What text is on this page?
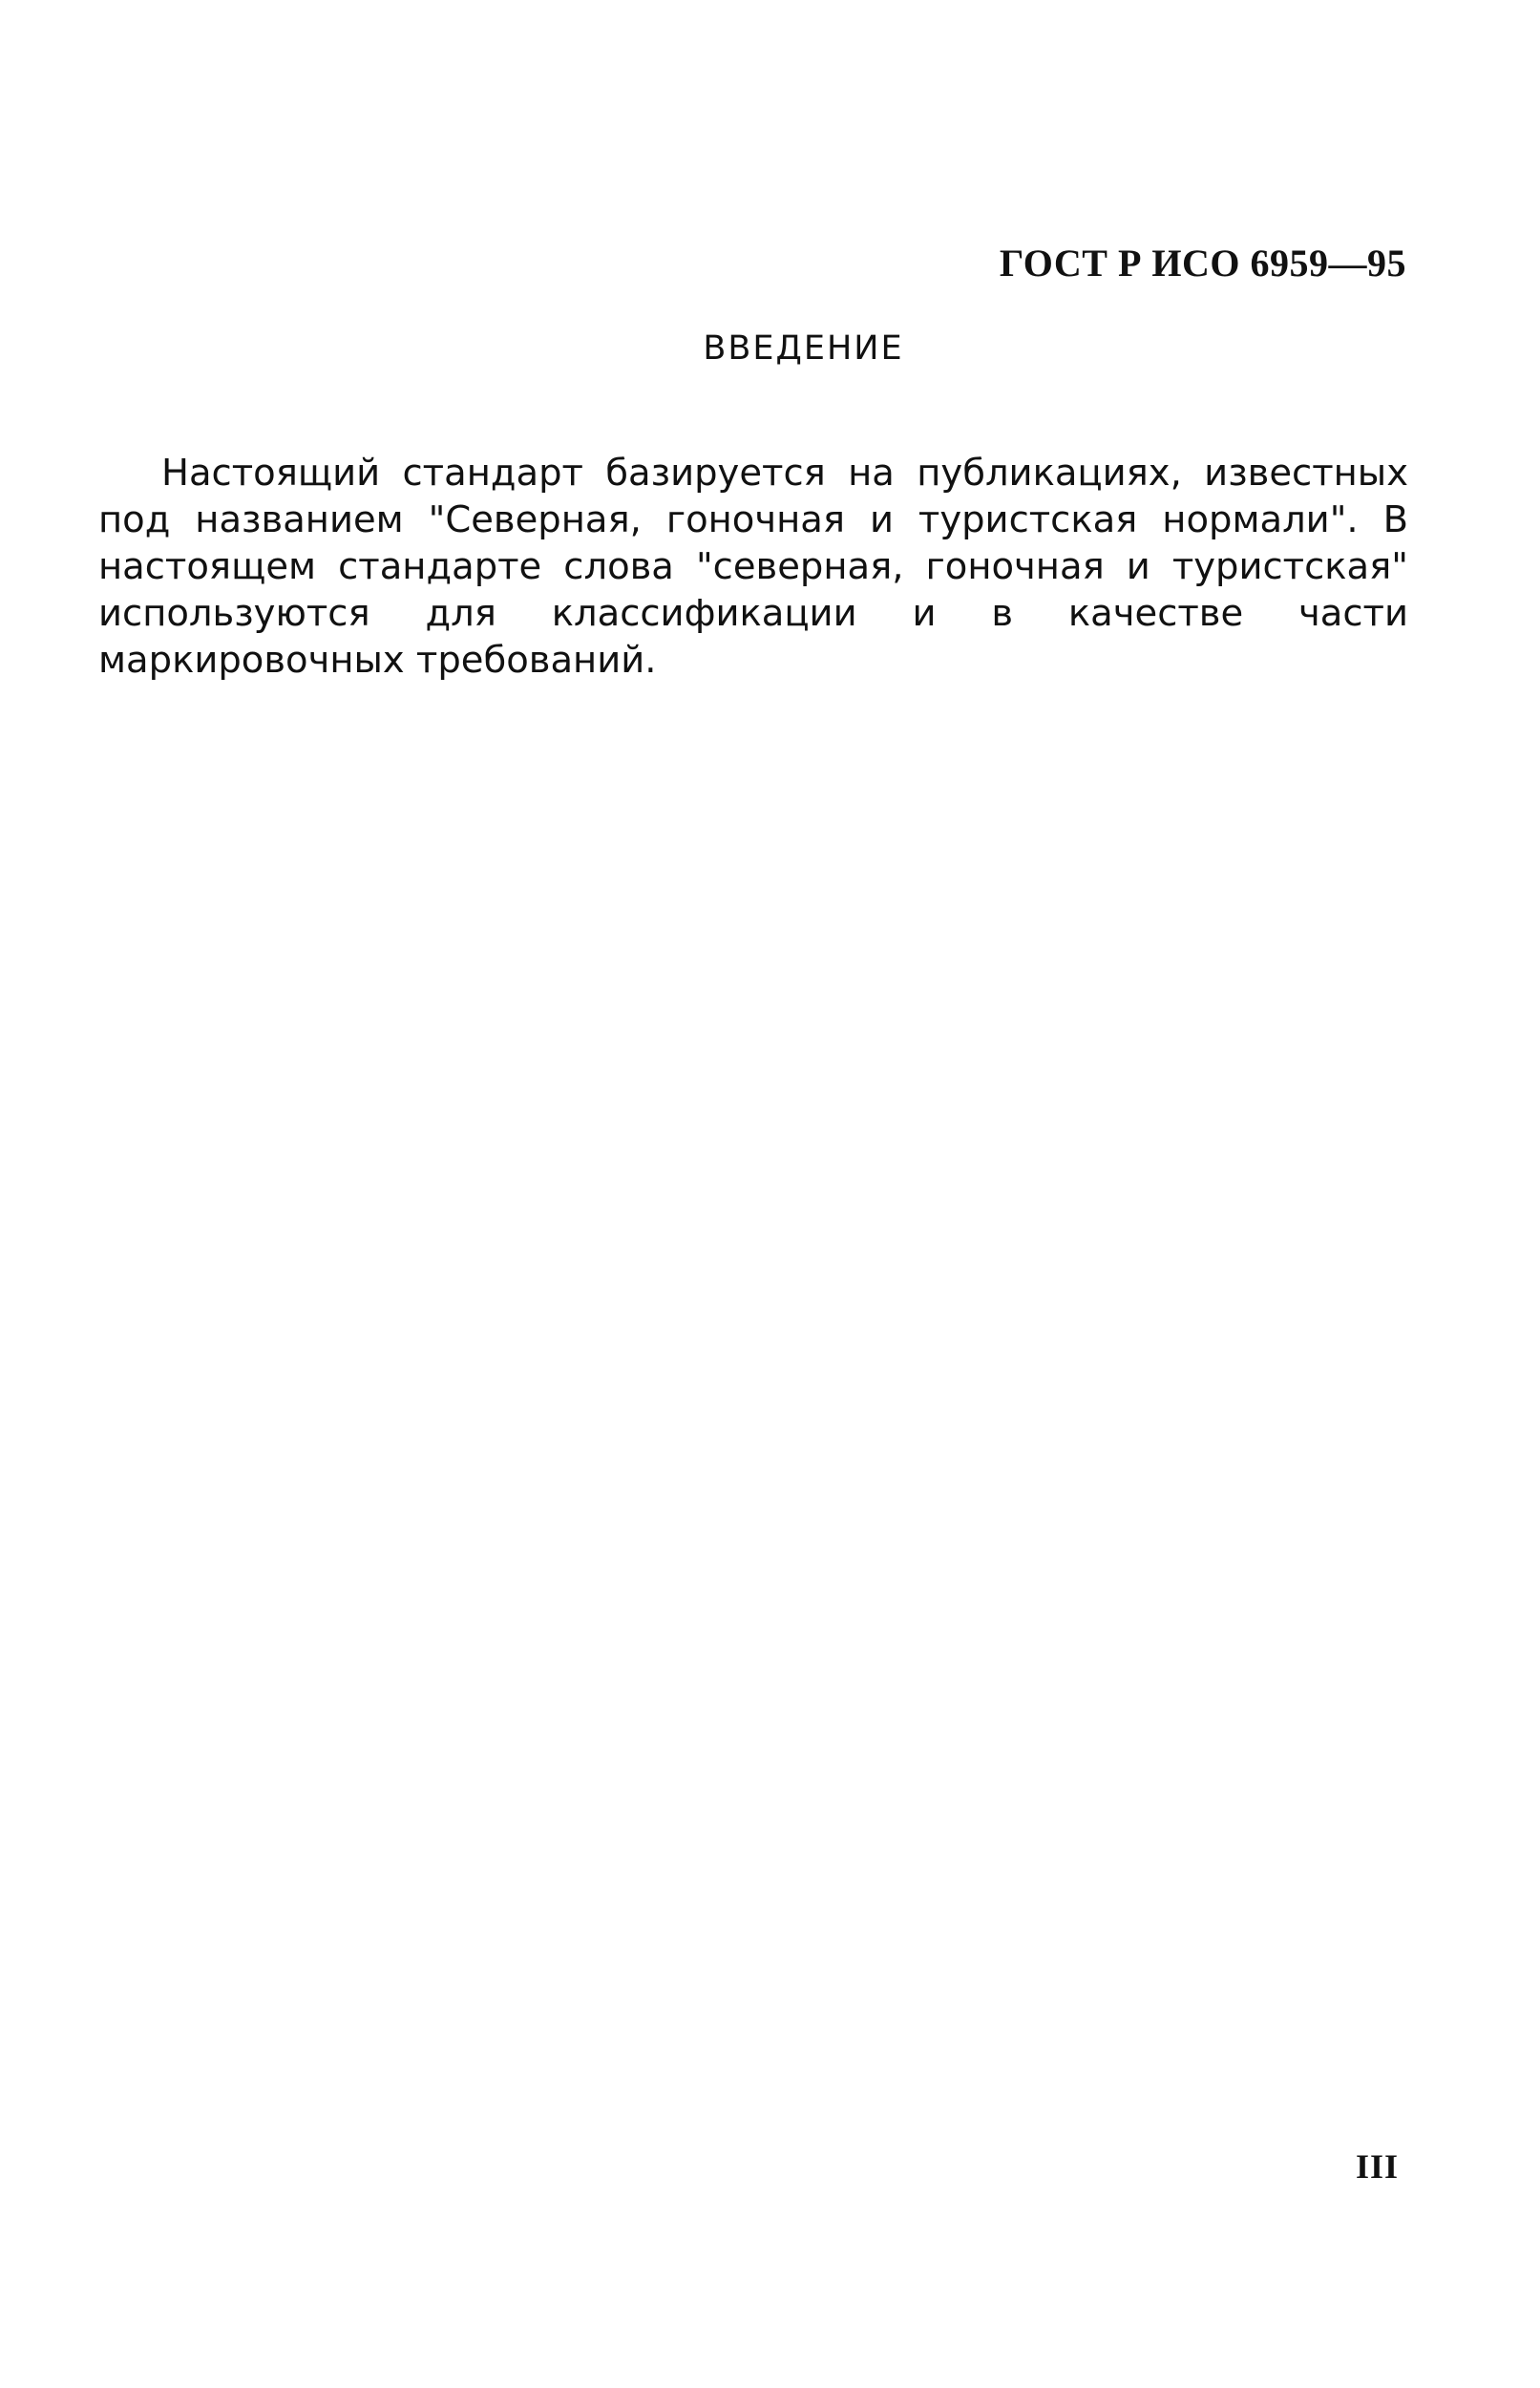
ГОСТ Р ИСО 6959—95
ВВЕДЕНИЕ

Настоящий стандарт базируется на публикациях, известных под названием "Северная, гоночная и туристская нормали". В настоящем стандарте слова "северная, гоночная и туристская" используются для классификации и в качестве части маркировочных требований.

III
